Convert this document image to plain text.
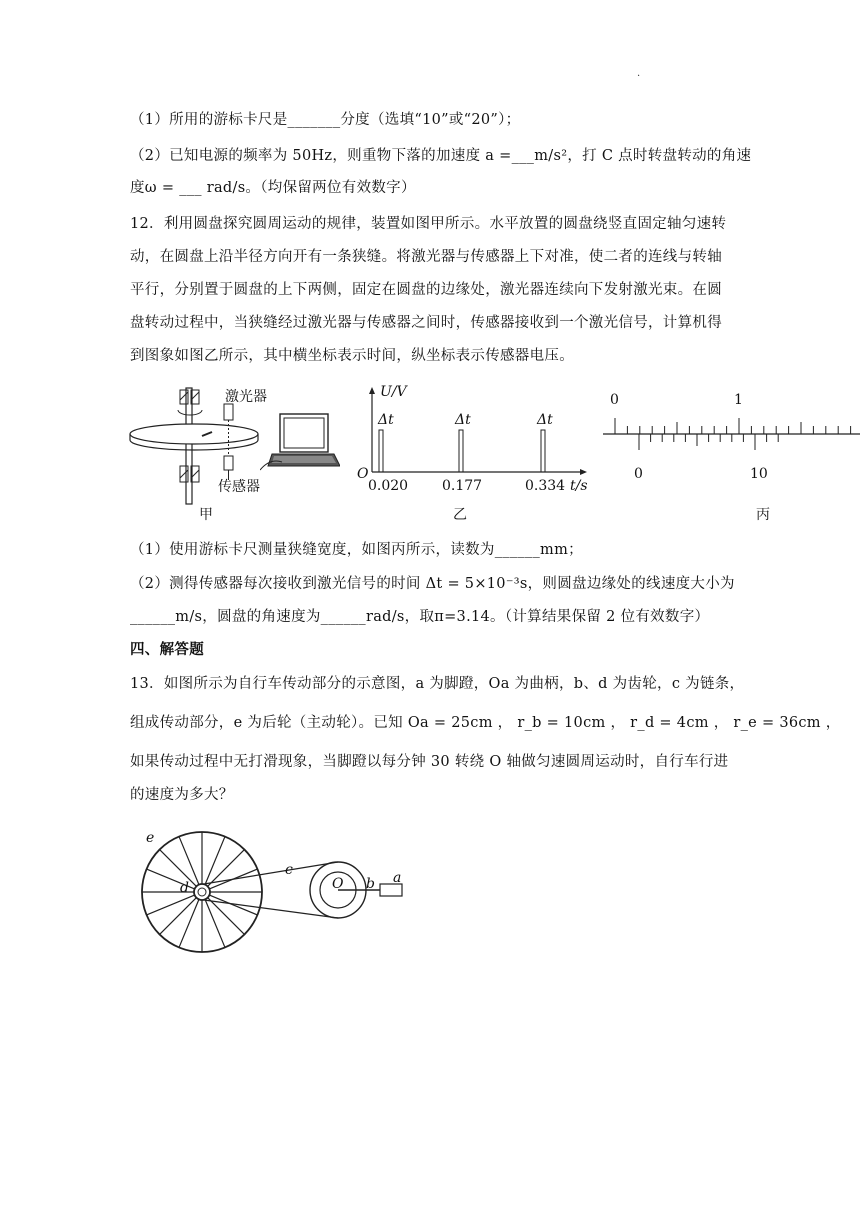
.
（1）所用的游标卡尺是_______分度（选填“10”或“20”）；
（2）已知电源的频率为 50Hz，则重物下落的加速度 a =___m/s²，打 C 点时转盘转动的角速
度ω = ___ rad/s。（均保留两位有效数字）
12．利用圆盘探究圆周运动的规律，装置如图甲所示。水平放置的圆盘绕竖直固定轴匀速转
动，在圆盘上沿半径方向开有一条狭缝。将激光器与传感器上下对准，使二者的连线与转轴
平行，分别置于圆盘的上下两侧，固定在圆盘的边缘处，激光器连续向下发射激光束。在圆
盘转动过程中，当狭缝经过激光器与传感器之间时，传感器接收到一个激光信号，计算机得
到图象如图乙所示，其中横坐标表示时间，纵坐标表示传感器电压。
激光器
传感器
甲
U/V
Δt	Δt	Δt
O
0.020 0.177	0.334 t/s
乙
0	1
0	10
丙
（1）使用游标卡尺测量狭缝宽度，如图丙所示，读数为______mm；
（2）测得传感器每次接收到激光信号的时间 Δt = 5×10⁻³s，则圆盘边缘处的线速度大小为
______m/s，圆盘的角速度为______rad/s，取π=3.14。（计算结果保留 2 位有效数字）
四、解答题
13．如图所示为自行车传动部分的示意图，a 为脚蹬，Oa 为曲柄，b、d 为齿轮，c 为链条，
组成传动部分，e 为后轮（主动轮）。已知 Oa = 25cm ， r_b = 10cm ， r_d = 4cm ， r_e = 36cm ，
如果传动过程中无打滑现象，当脚蹬以每分钟 30 转绕 O 轴做匀速圆周运动时，自行车行进
的速度为多大？
e
d
c
O b a
